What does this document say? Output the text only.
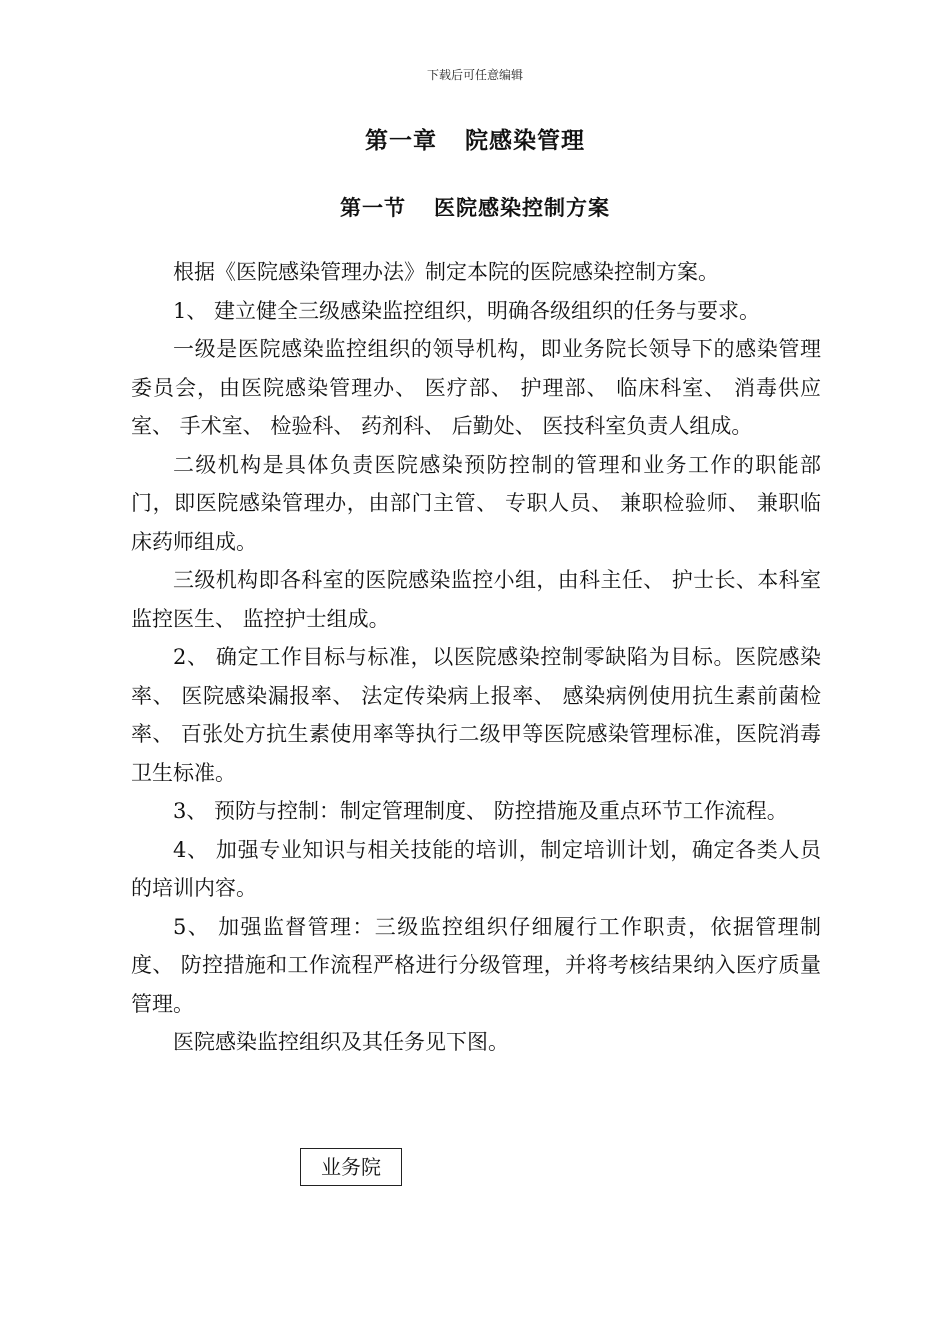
下载后可任意编辑
第一章 院感染管理
第一节 医院感染控制方案

根据《医院感染管理办法》制定本院的医院感染控制方案。

1、 建立健全三级感染监控组织，明确各级组织的任务与要求。

一级是医院感染监控组织的领导机构，即业务院长领导下的感染管理委员会，由医院感染管理办、 医疗部、 护理部、 临床科室、 消毒供应室、 手术室、 检验科、 药剂科、 后勤处、 医技科室负责人组成。

二级机构是具体负责医院感染预防控制的管理和业务工作的职能部门，即医院感染管理办，由部门主管、 专职人员、 兼职检验师、 兼职临床药师组成。

三级机构即各科室的医院感染监控小组，由科主任、 护士长、本科室监控医生、 监控护士组成。

2、 确定工作目标与标准，以医院感染控制零缺陷为目标。医院感染率、 医院感染漏报率、 法定传染病上报率、 感染病例使用抗生素前菌检率、 百张处方抗生素使用率等执行二级甲等医院感染管理标准，医院消毒卫生标准。

3、 预防与控制：制定管理制度、 防控措施及重点环节工作流程。

4、 加强专业知识与相关技能的培训，制定培训计划，确定各类人员的培训内容。

5、 加强监督管理：三级监控组织仔细履行工作职责，依据管理制度、 防控措施和工作流程严格进行分级管理，并将考核结果纳入医疗质量管理。

医院感染监控组织及其任务见下图。

业务院
